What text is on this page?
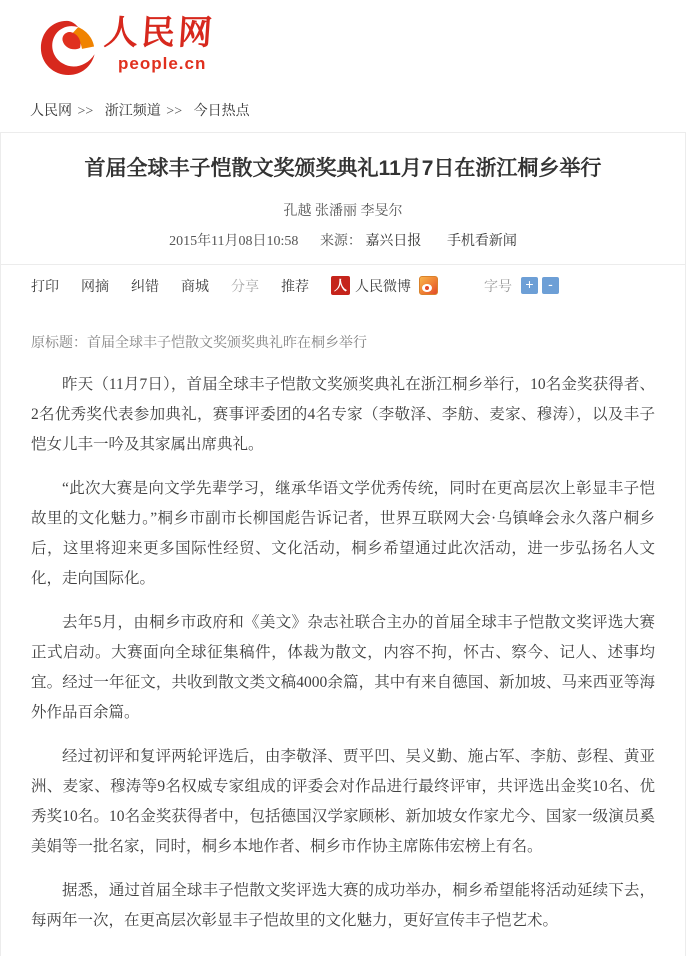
人民网
people.cn
人民网 >> 浙江频道 >> 今日热点
首届全球丰子恺散文奖颁奖典礼11月7日在浙江桐乡举行
孔越 张潘丽 李旻尔
2015年11月08日10:58 来源： 嘉兴日报 手机看新闻
打印 网摘 纠错 商城 分享 推荐 人 人民微博	字号 +	-
原标题：首届全球丰子恺散文奖颁奖典礼昨在桐乡举行

昨天（11月7日），首届全球丰子恺散文奖颁奖典礼在浙江桐乡举行，10名金奖获得者、2名优秀奖代表参加典礼，赛事评委团的4名专家（李敬泽、李舫、麦家、穆涛），以及丰子恺女儿丰一吟及其家属出席典礼。

“此次大赛是向文学先辈学习，继承华语文学优秀传统，同时在更高层次上彰显丰子恺故里的文化魅力。”桐乡市副市长柳国彪告诉记者，世界互联网大会·乌镇峰会永久落户桐乡后，这里将迎来更多国际性经贸、文化活动，桐乡希望通过此次活动，进一步弘扬名人文化，走向国际化。

去年5月，由桐乡市政府和《美文》杂志社联合主办的首届全球丰子恺散文奖评选大赛正式启动。大赛面向全球征集稿件，体裁为散文，内容不拘，怀古、察今、记人、述事均宜。经过一年征文，共收到散文类文稿4000余篇，其中有来自德国、新加坡、马来西亚等海外作品百余篇。

经过初评和复评两轮评选后，由李敬泽、贾平凹、吴义勤、施占军、李舫、彭程、黄亚洲、麦家、穆涛等9名权威专家组成的评委会对作品进行最终评审，共评选出金奖10名、优秀奖10名。10名金奖获得者中，包括德国汉学家顾彬、新加坡女作家尤今、国家一级演员奚美娟等一批名家，同时，桐乡本地作者、桐乡市作协主席陈伟宏榜上有名。

据悉，通过首届全球丰子恺散文奖评选大赛的成功举办，桐乡希望能将活动延续下去，每两年一次，在更高层次彰显丰子恺故里的文化魅力，更好宣传丰子恺艺术。
